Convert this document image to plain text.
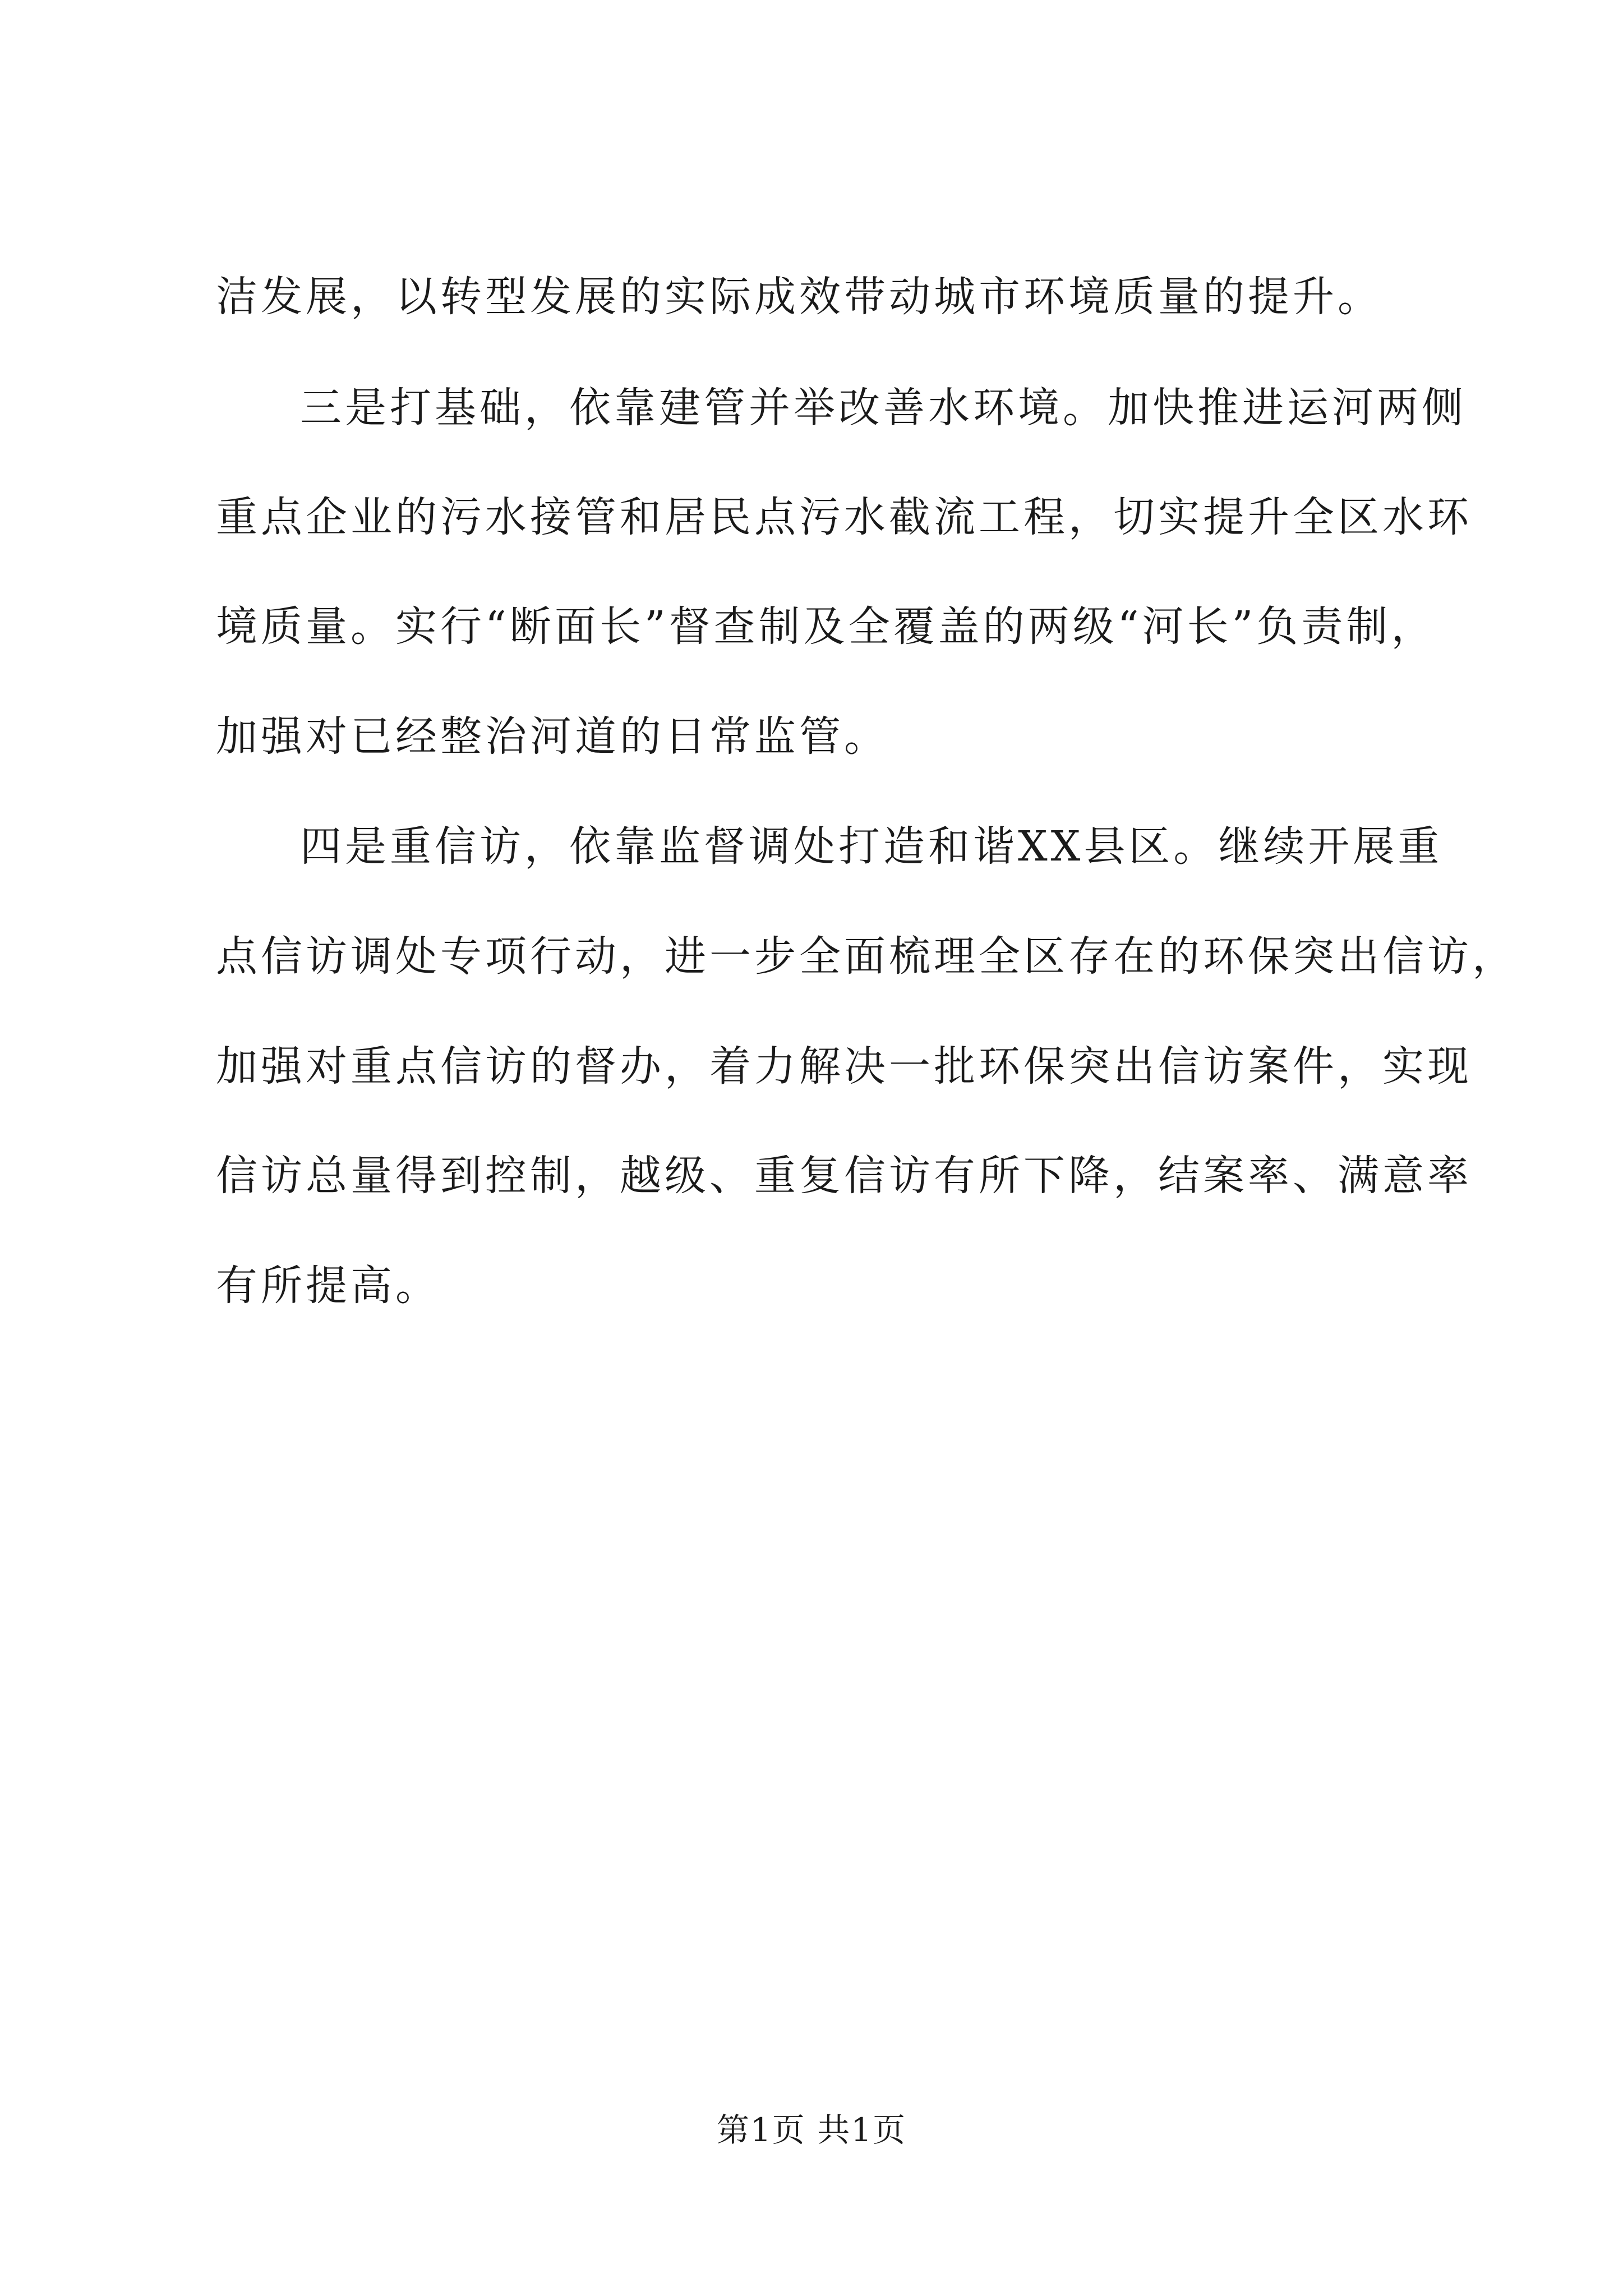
洁发展，以转型发展的实际成效带动城市环境质量的提升。
三是打基础，依靠建管并举改善水环境。加快推进运河两侧
重点企业的污水接管和居民点污水截流工程，切实提升全区水环
境质量。实行“断面长”督查制及全覆盖的两级“河长”负责制，
加强对已经整治河道的日常监管。
四是重信访，依靠监督调处打造和谐XX县区。继续开展重
点信访调处专项行动，进一步全面梳理全区存在的环保突出信访，
加强对重点信访的督办，着力解决一批环保突出信访案件，实现
信访总量得到控制，越级、重复信访有所下降，结案率、满意率
有所提高。
第1页 共1页
